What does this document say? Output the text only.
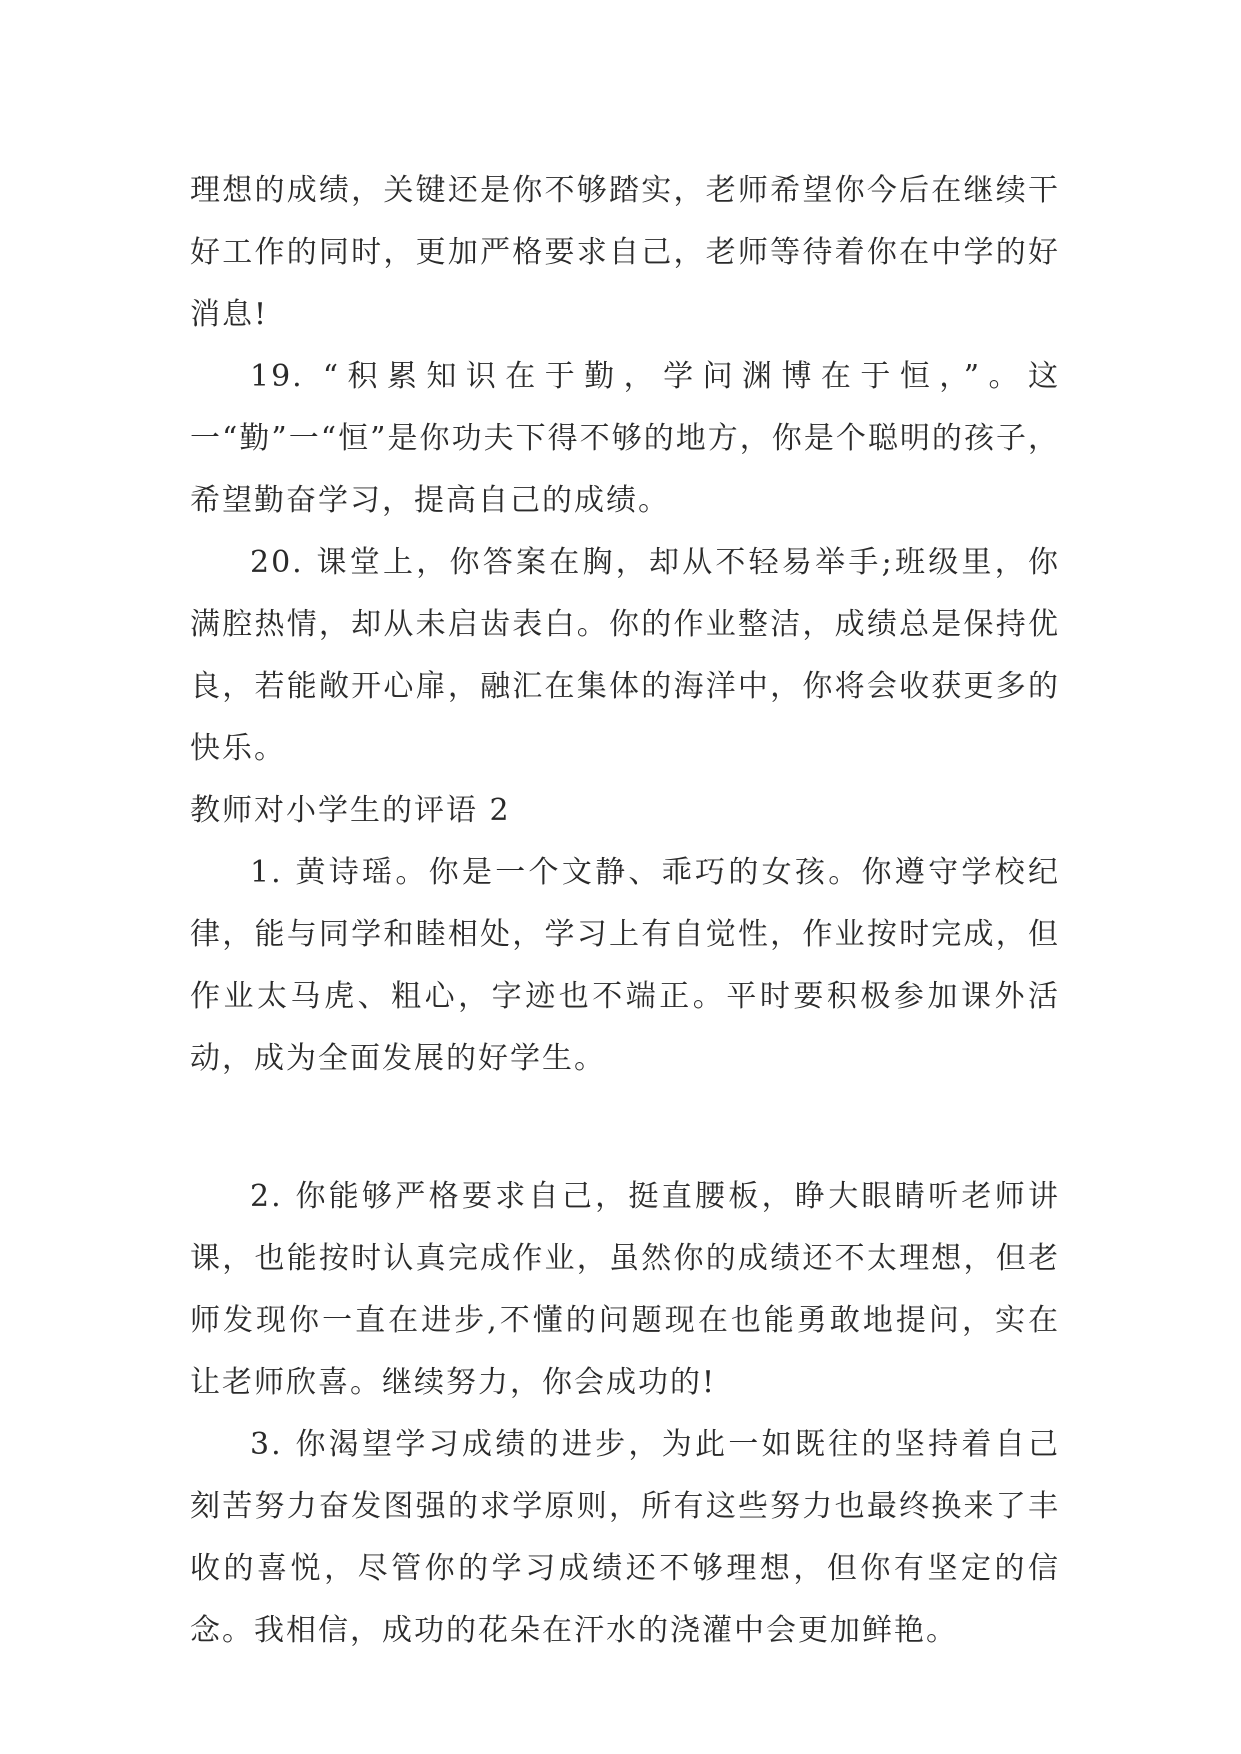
理想的成绩，关键还是你不够踏实，老师希望你今后在继续干好工作的同时，更加严格要求自己，老师等待着你在中学的好消息!

19. “积累知识在于勤，学问渊博在于恒，”。这一“勤”一“恒”是你功夫下得不够的地方，你是个聪明的孩子，希望勤奋学习，提高自己的成绩。

20. 课堂上，你答案在胸，却从不轻易举手;班级里，你满腔热情，却从未启齿表白。你的作业整洁，成绩总是保持优良，若能敞开心扉，融汇在集体的海洋中，你将会收获更多的快乐。

教师对小学生的评语 2

1. 黄诗瑶。你是一个文静、乖巧的女孩。你遵守学校纪律，能与同学和睦相处，学习上有自觉性，作业按时完成，但作业太马虎、粗心，字迹也不端正。平时要积极参加课外活动，成为全面发展的好学生。

2. 你能够严格要求自己，挺直腰板，睁大眼睛听老师讲课，也能按时认真完成作业，虽然你的成绩还不太理想，但老师发现你一直在进步,不懂的问题现在也能勇敢地提问，实在让老师欣喜。继续努力，你会成功的!

3. 你渴望学习成绩的进步，为此一如既往的坚持着自己刻苦努力奋发图强的求学原则，所有这些努力也最终换来了丰收的喜悦，尽管你的学习成绩还不够理想，但你有坚定的信念。我相信，成功的花朵在汗水的浇灌中会更加鲜艳。
